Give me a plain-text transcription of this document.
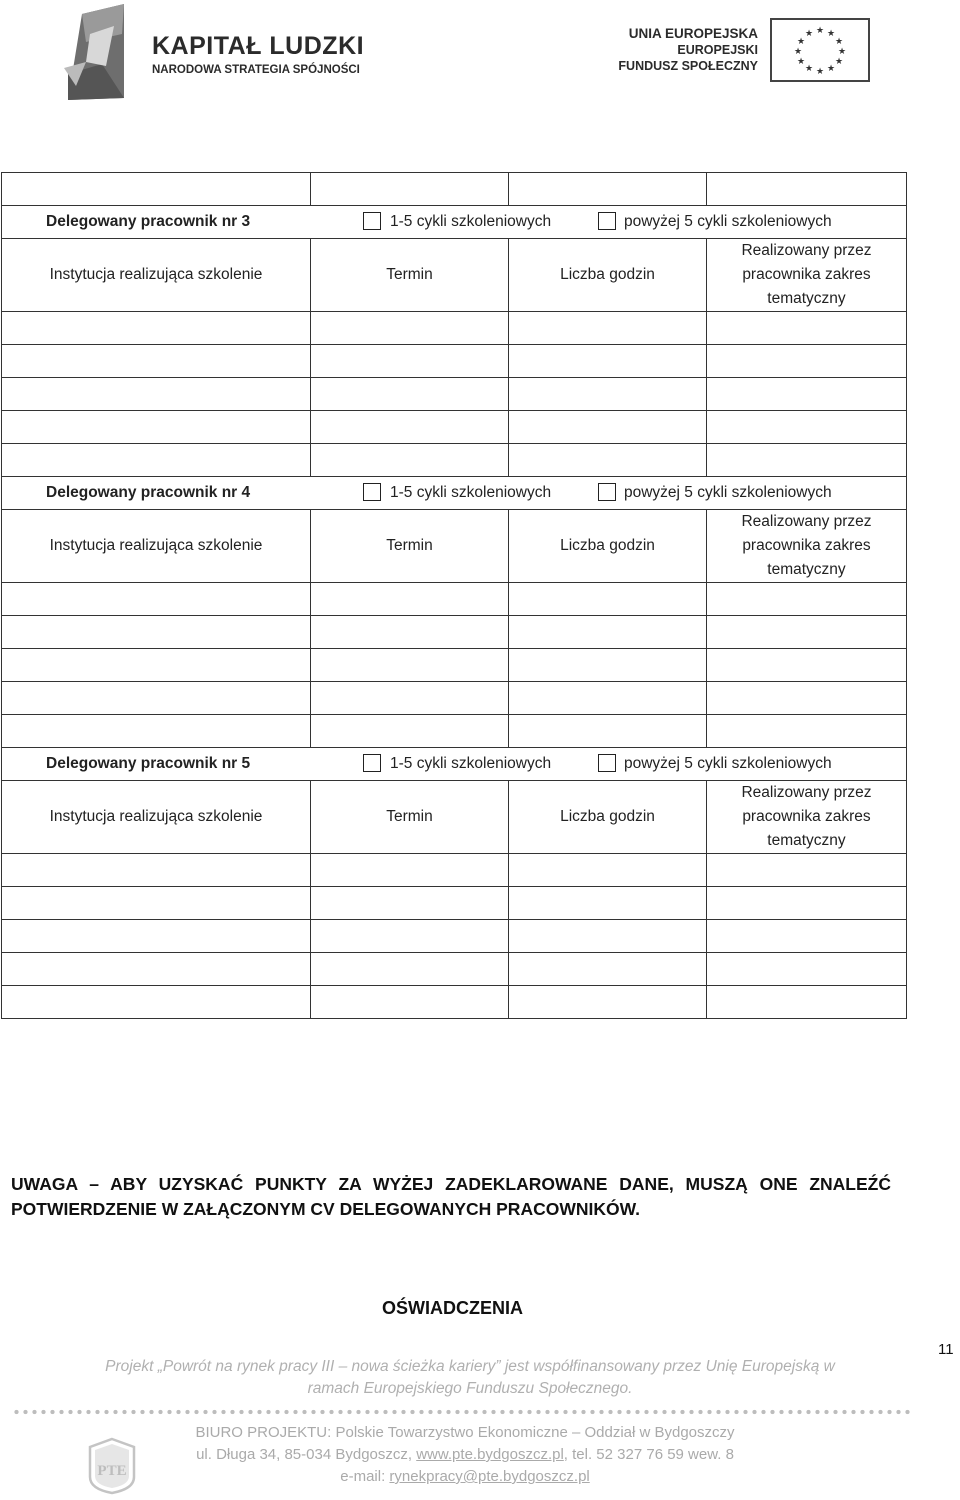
KAPITAŁ LUDZKI
NARODOWA STRATEGIA SPÓJNOŚCI
UNIA EUROPEJSKA
EUROPEJSKI
FUNDUSZ SPOŁECZNY
★ ★
★
★
★
★
★
★
★
★
★
★

Delegowany pracownik nr 3 1-5 cykli szkoleniowych powyżej 5 cykli szkoleniowych			

Instytucja realizująca szkolenie	Termin	Liczba godzin	Realizowany przez pracownika zakres tematyczny

Delegowany pracownik nr 4 1-5 cykli szkoleniowych powyżej 5 cykli szkoleniowych			

Instytucja realizująca szkolenie	Termin	Liczba godzin	Realizowany przez pracownika zakres tematyczny

Delegowany pracownik nr 5 1-5 cykli szkoleniowych powyżej 5 cykli szkoleniowych			

Instytucja realizująca szkolenie	Termin	Liczba godzin	Realizowany przez pracownika zakres tematyczny

UWAGA – ABY UZYSKAĆ PUNKTY ZA WYŻEJ ZADEKLAROWANE DANE, MUSZĄ ONE ZNALEŹĆ POTWIERDZENIE W ZAŁĄCZONYM CV DELEGOWANYCH PRACOWNIKÓW.
OŚWIADCZENIA
11
Projekt „Powrót na rynek pracy III – nowa ścieżka kariery” jest współfinansowany przez Unię Europejską w
ramach Europejskiego Funduszu Społecznego.
PTE
BIURO PROJEKTU: Polskie Towarzystwo Ekonomiczne – Oddział w Bydgoszczy
ul. Długa 34, 85-034 Bydgoszcz, www.pte.bydgoszcz.pl, tel. 52 327 76 59 wew. 8
e-mail: rynekpracy@pte.bydgoszcz.pl
